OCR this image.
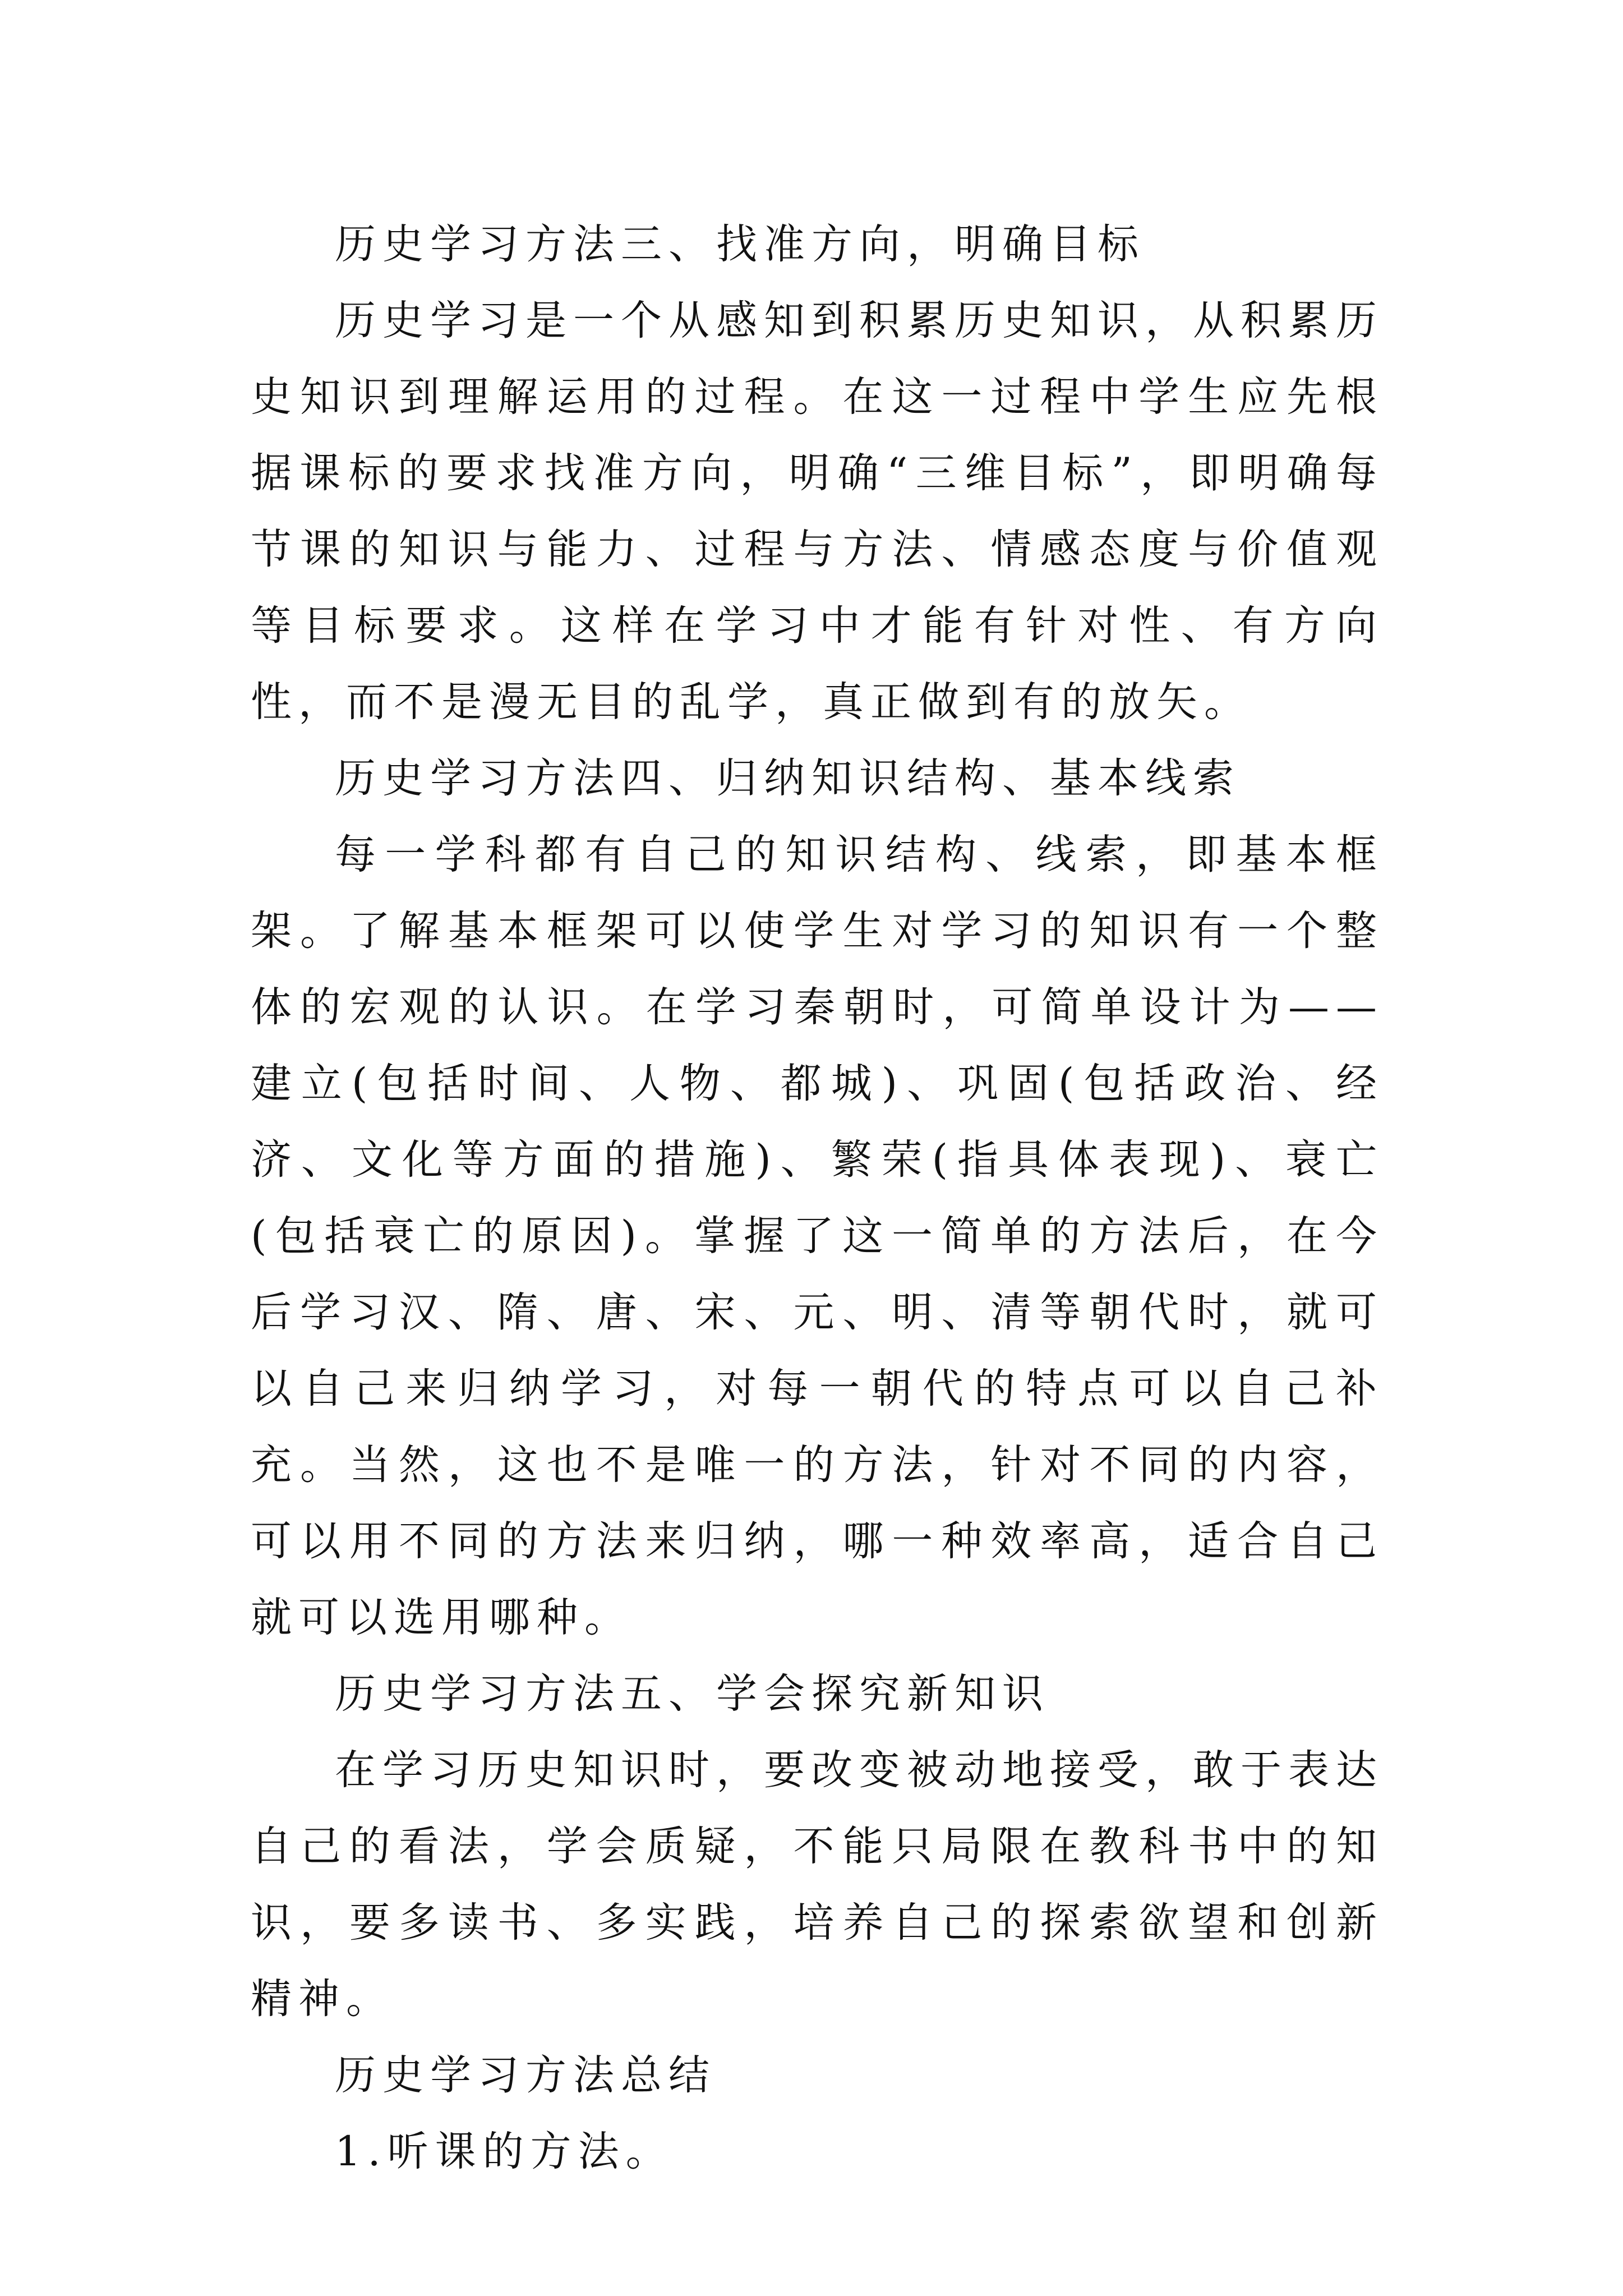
历史学习方法三、找准方向，明确目标

历史学习是一个从感知到积累历史知识，从积累历史知识到理解运用的过程。在这一过程中学生应先根据课标的要求找准方向，明确“三维目标”，即明确每节课的知识与能力、过程与方法、情感态度与价值观等目标要求。这样在学习中才能有针对性、有方向性，而不是漫无目的乱学，真正做到有的放矢。

历史学习方法四、归纳知识结构、基本线索

每一学科都有自己的知识结构、线索，即基本框架。了解基本框架可以使学生对学习的知识有一个整体的宏观的认识。在学习秦朝时，可简单设计为——建立(包括时间、人物、都城)、巩固(包括政治、经济、文化等方面的措施)、繁荣(指具体表现)、衰亡(包括衰亡的原因)。掌握了这一简单的方法后，在今后学习汉、隋、唐、宋、元、明、清等朝代时，就可以自己来归纳学习，对每一朝代的特点可以自己补充。当然，这也不是唯一的方法，针对不同的内容，可以用不同的方法来归纳，哪一种效率高，适合自己就可以选用哪种。

历史学习方法五、学会探究新知识

在学习历史知识时，要改变被动地接受，敢于表达自己的看法，学会质疑，不能只局限在教科书中的知识，要多读书、多实践，培养自己的探索欲望和创新精神。

历史学习方法总结

1.听课的方法。
